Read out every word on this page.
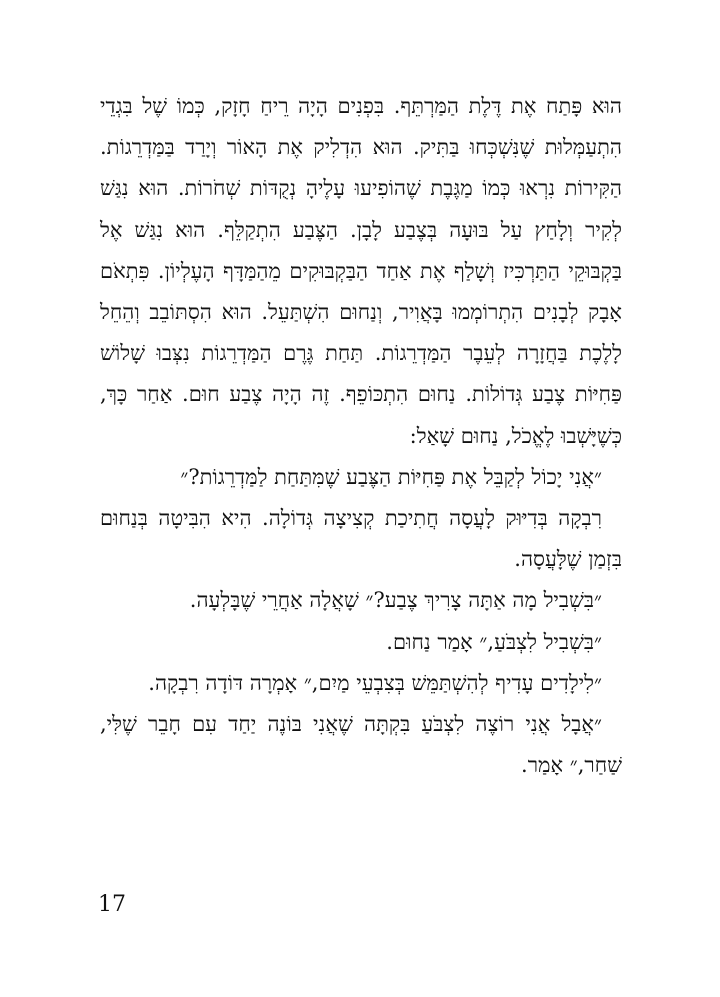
הוּא פָּתַח אֶת דֶּלֶת הַמַּרְתֵּף. בִּפְנִים הָיָה רֵיחַ חָזָק, כְּמוֹ שֶׁל בִּגְדֵי הִתְעַמְּלוּת שֶׁנִּשְׁכְּחוּ בַּתִּיק. הוּא הִדְלִיק אֶת הָאוֹר וְיָרַד בַּמַּדְרֵגוֹת. הַקִּירוֹת נִרְאוּ כְּמוֹ מַגֶּבֶת שֶׁהוֹפִיעוּ עָלֶיהָ נְקֻדּוֹת שְׁחֹרוֹת. הוּא נִגַּשׁ לְקִיר וְלָחַץ עַל בּוּעָה בְּצֶבַע לָבָן. הַצֶּבַע הִתְקַלֵּף. הוּא נִגַּשׁ אֶל בַּקְבּוּקֵי הַתַּרְכִּיז וְשָׁלַף אֶת אַחַד הַבַּקְבּוּקִים מֵהַמַּדָּף הָעֶלְיוֹן. פִּתְאֹם אָבָק לְבָנִים הִתְרוֹמְמוּ בָּאֲוִיר, וְנַחוּם הִשְׁתַּעֵל. הוּא הִסְתּוֹבֵב וְהֵחֵל לָלֶכֶת בַּחֲזָרָה לְעֵבֶר הַמַּדְרֵגוֹת. תַּחַת גֶּרֶם הַמַּדְרֵגוֹת נִצְּבוּ שָׁלוֹשׁ פַּחִיּוֹת צֶבַע גְּדוֹלוֹת. נַחוּם הִתְכּוֹפֵף. זֶה הָיָה צֶבַע חוּם. אַחַר כָּךְ, כְּשֶׁיָּשְׁבוּ לֶאֱכֹל, נַחוּם שָׁאַל:

״אֲנִי יָכוֹל לְקַבֵּל אֶת פַּחִיּוֹת הַצֶּבַע שֶׁמִּתַּחַת לַמַּדְרֵגוֹת?״

רִבְקָה בְּדִיּוּק לָעֲסָה חֲתִיכַת קְצִיצָה גְּדוֹלָה. הִיא הִבִּיטָה בְּנַחוּם בִּזְמַן שֶׁלָּעֲסָה.

״בִּשְׁבִיל מָה אַתָּה צָרִיךְ צֶבַע?״ שָׁאֲלָה אַחֲרֵי שֶׁבָּלְעָה.

״בִּשְׁבִיל לִצְבֹּעַ,״ אָמַר נַחוּם.

״לִילָדִים עָדִיף לְהִשְׁתַּמֵּשׁ בְּצִבְעֵי מַיִם,״ אָמְרָה דּוֹדָה רִבְקָה.

״אֲבָל אֲנִי רוֹצֶה לִצְבֹּעַ בִּקְתָּה שֶׁאֲנִי בּוֹנֶה יַחַד עִם חָבֵר שֶׁלִּי, שַׁחַר,״ אָמַר.

17
